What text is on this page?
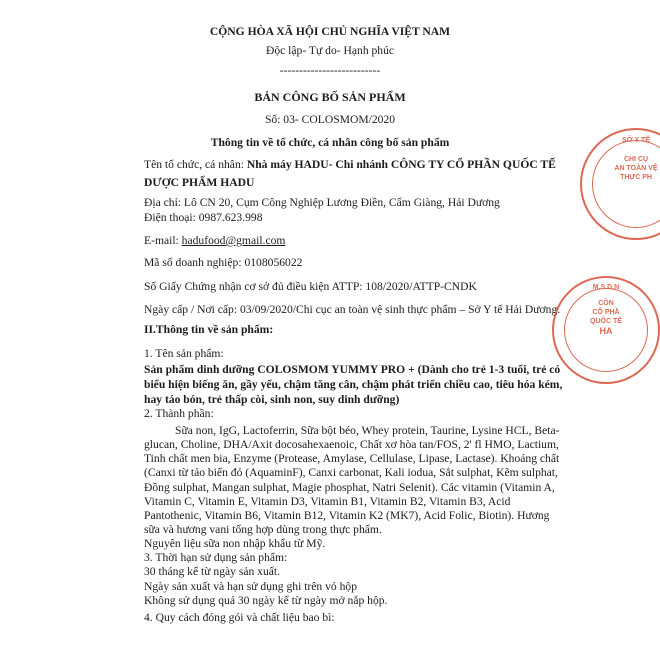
CỘNG HÒA XÃ HỘI CHỦ NGHĨA VIỆT NAM
Độc lập- Tự do- Hạnh phúc
--------------------------
BẢN CÔNG BỐ SẢN PHẨM
Số: 03- COLOSMOM/2020
Thông tin về tổ chức, cá nhân công bố sản phẩm
Tên tổ chức, cá nhân: Nhà máy HADU- Chi nhánh CÔNG TY CỔ PHẦN QUỐC TẾ
DƯỢC PHẨM HADU
Địa chỉ: Lô CN 20, Cụm Công Nghiệp Lương Điền, Cẩm Giàng, Hải Dương
Điện thoại: 0987.623.998
E-mail: hadufood@gmail.com
Mã số doanh nghiệp: 0108056022
Số Giấy Chứng nhận cơ sở đủ điều kiện ATTP: 108/2020/ATTP-CNDK
Ngày cấp / Nơi cấp: 03/09/2020/Chi cục an toàn vệ sinh thực phẩm – Sở Y tế Hải Dương.
II.Thông tin về sản phẩm:
1. Tên sản phẩm:
Sản phẩm dinh dưỡng COLOSMOM YUMMY PRO + (Dành cho trẻ 1-3 tuổi, trẻ có
biểu hiện biếng ăn, gầy yếu, chậm tăng cân, chậm phát triển chiều cao, tiêu hóa kém,
hay táo bón, trẻ thấp còi, sinh non, suy dinh dưỡng)
2. Thành phần:
Sữa non, IgG, Lactoferrin, Sữa bột béo, Whey protein, Taurine, Lysine HCL, Beta-
glucan, Choline, DHA/Axit docosahexaenoic, Chất xơ hòa tan/FOS, 2' fl HMO, Lactium,
Tinh chất men bia, Enzyme (Protease, Amylase, Cellulase, Lipase, Lactase). Khoáng chất
(Canxi từ tảo biển đỏ (AquaminF), Canxi carbonat, Kali iodua, Sắt sulphat, Kẽm sulphat,
Đồng sulphat, Mangan sulphat, Magie phosphat, Natri Selenit). Các vitamin (Vitamin A,
Vitamin C, Vitamin E, Vitamin D3, Vitamin B1, Vitamin B2, Vitamin B3, Acid
Pantothenic, Vitamin B6, Vitamin B12, Vitamin K2 (MK7), Acid Folic, Biotin). Hương
sữa và hương vani tổng hợp dùng trong thực phẩm.
Nguyên liệu sữa non nhập khẩu từ Mỹ.
3. Thời hạn sử dụng sản phẩm:
30 tháng kể từ ngày sản xuất.
Ngày sản xuất và hạn sử dụng ghi trên vỏ hộp
Không sử dụng quá 30 ngày kể từ ngày mở nắp hộp.
4. Quy cách đóng gói và chất liệu bao bì:
SỞ Y TẾ
CHI CỤ
AN TOÀN VỆ
THỰC PH
M.S.D.N
CÔN
CỔ PHẦ
QUỐC TẾ
HA
